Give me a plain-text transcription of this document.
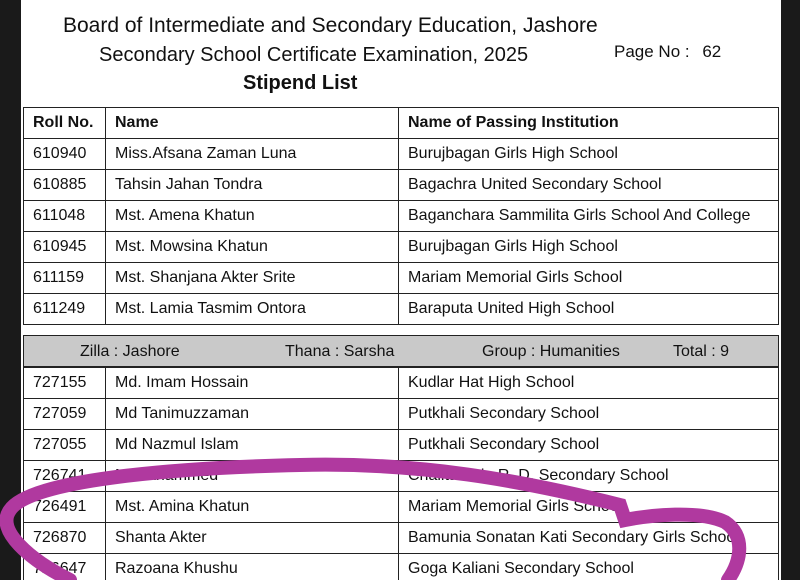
Board of Intermediate and Secondary Education, Jashore
Secondary School Certificate Examination, 2025	Page No : 62
Stipend List
Roll No.	Name	Name of Passing Institution
610940	Miss.Afsana Zaman Luna	Burujbagan Girls High School
610885	Tahsin Jahan Tondra	Bagachra United Secondary School
611048	Mst. Amena Khatun	Baganchara Sammilita Girls School And College
610945	Mst. Mowsina Khatun	Burujbagan Girls High School
611159	Mst. Shanjana Akter Srite	Mariam Memorial Girls School
611249	Mst. Lamia Tasmim Ontora	Baraputa United High School
Zilla : Jashore	Thana : Sarsha	Group : Humanities	Total : 9
727155	Md. Imam Hossain	Kudlar Hat High School
727059	Md Tanimuzzaman	Putkhali Secondary School
727055	Md Nazmul Islam	Putkhali Secondary School
726741	Md. Ahammed	Chalitabaria R. D. Secondary School
726491	Mst. Amina Khatun	Mariam Memorial Girls School
726870	Shanta Akter	Bamunia Sonatan Kati Secondary Girls School
726647	Razoana Khushu	Goga Kaliani Secondary School
